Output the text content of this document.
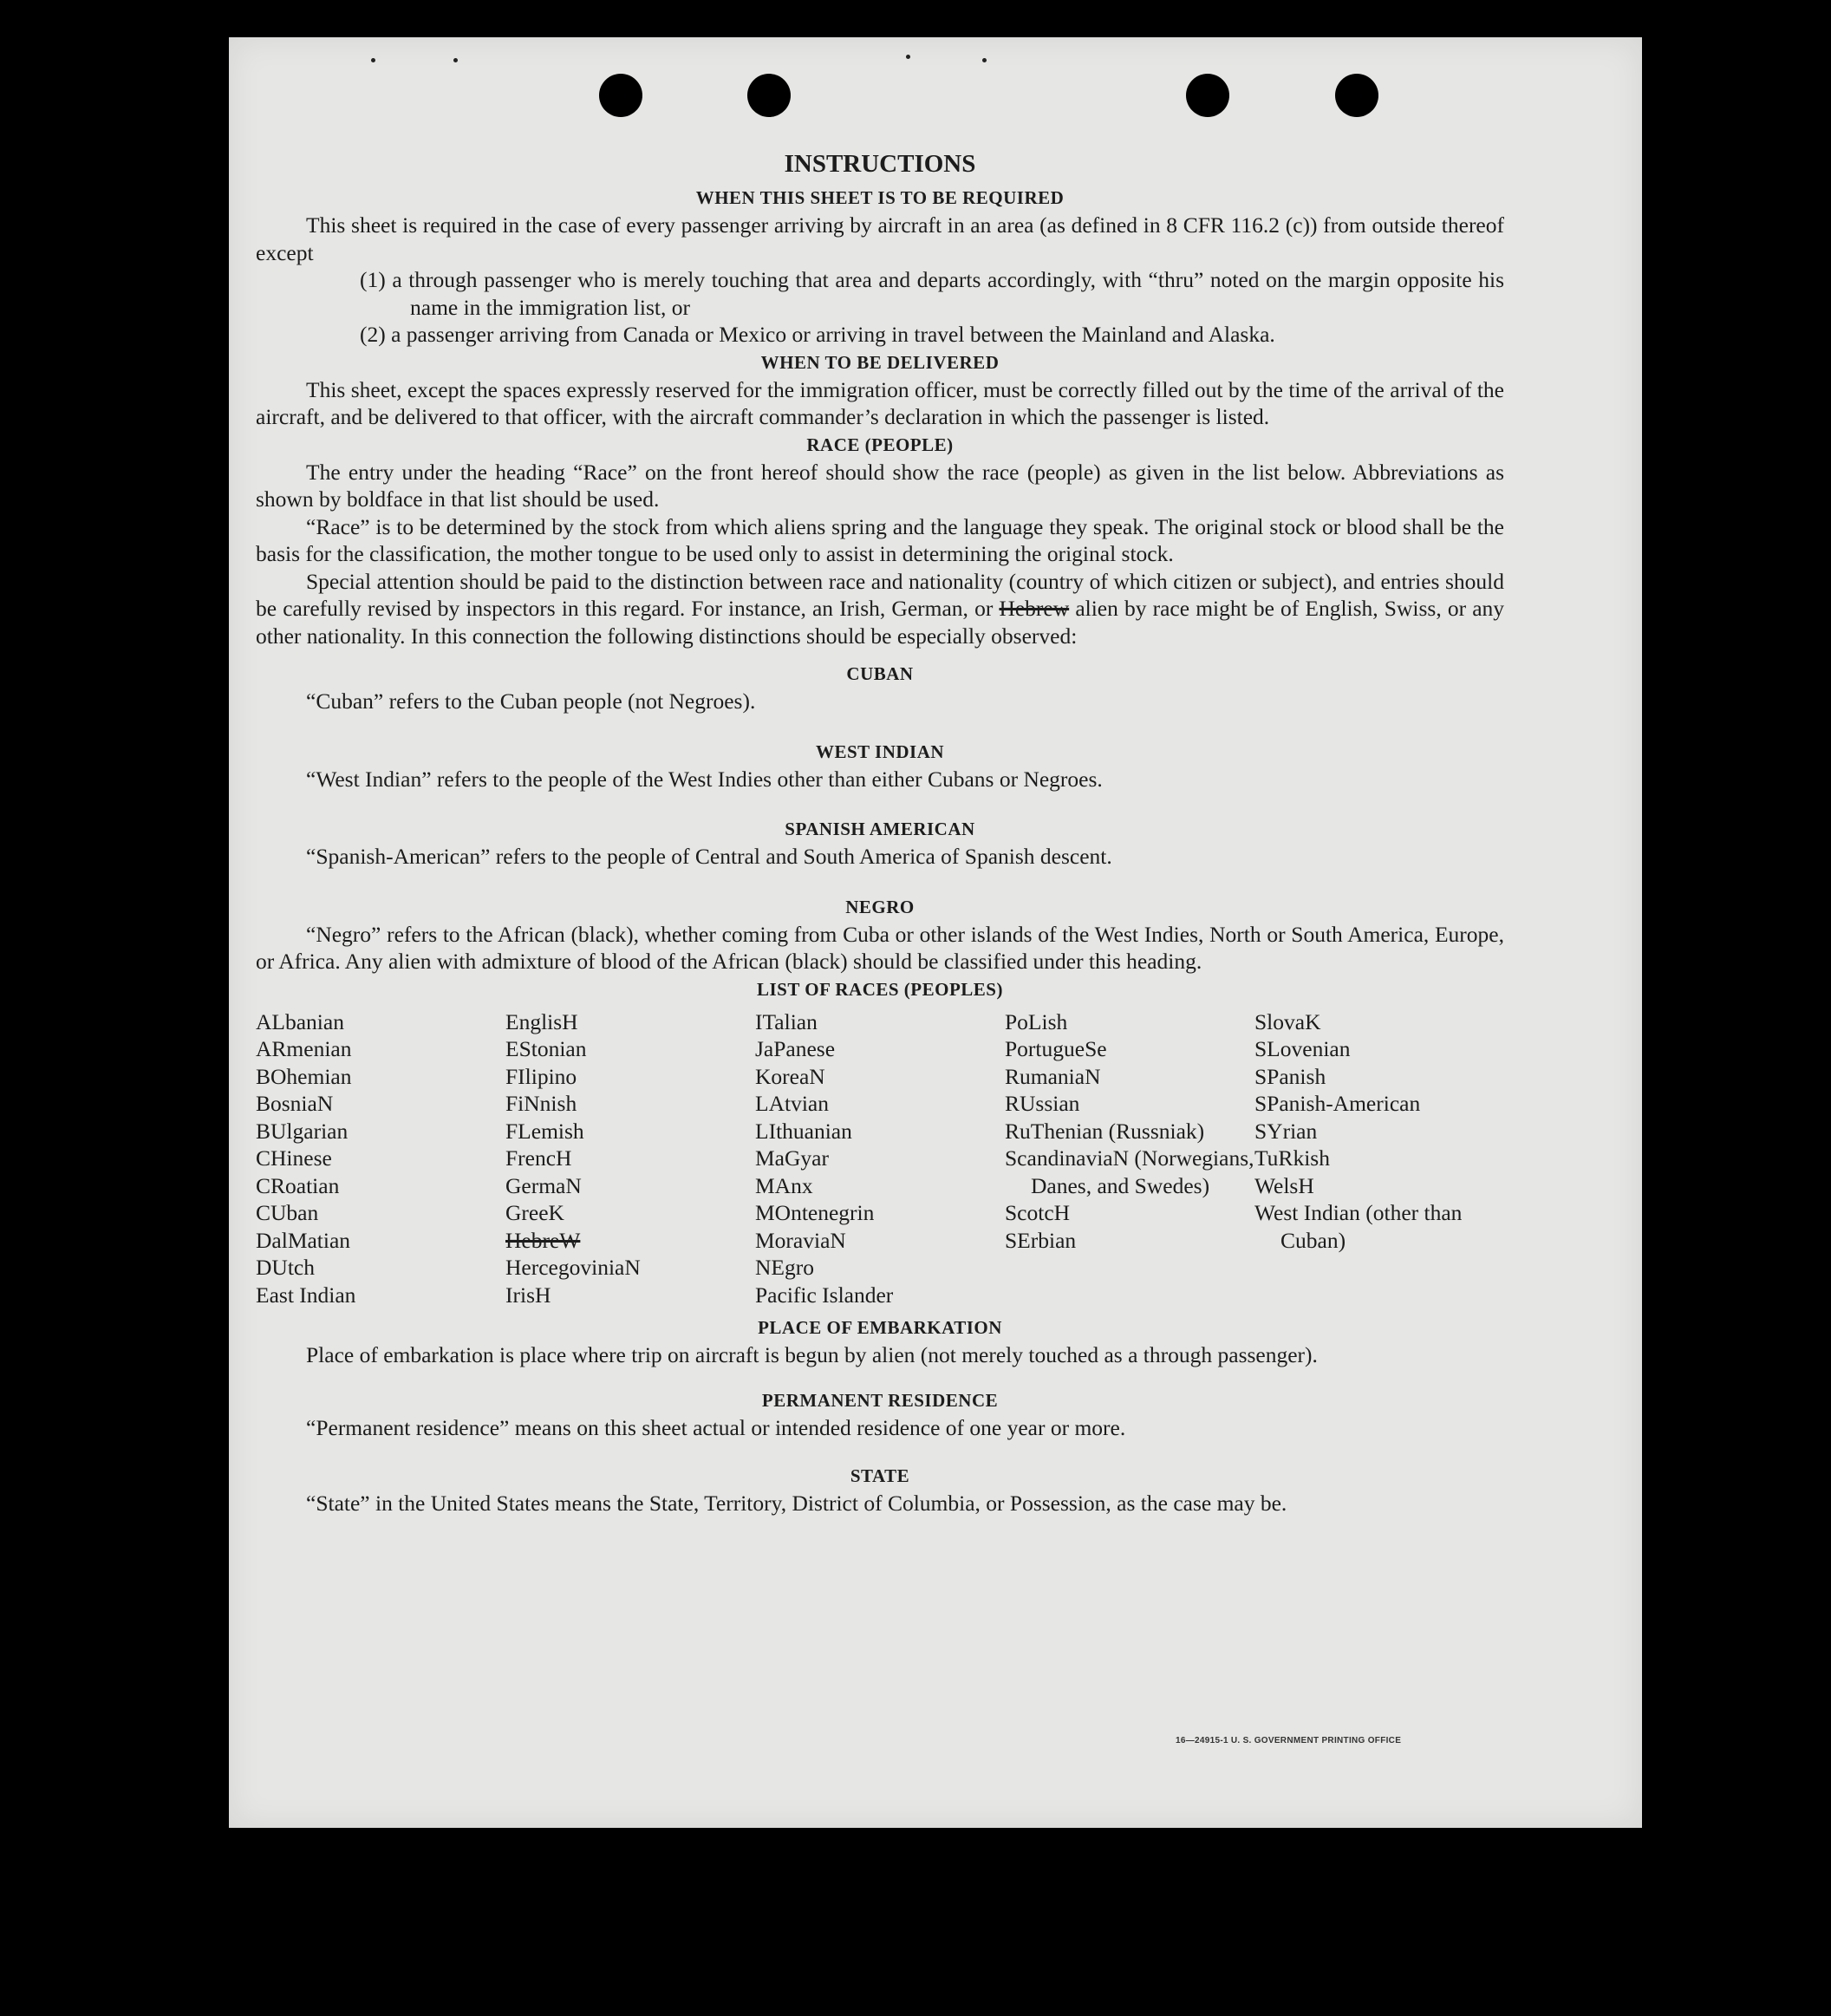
INSTRUCTIONS

WHEN THIS SHEET IS TO BE REQUIRED

This sheet is required in the case of every passenger arriving by aircraft in an area (as defined in 8 CFR 116.2 (c)) from outside thereof except

(1) a through passenger who is merely touching that area and departs accordingly, with “thru” noted on the margin opposite his name in the immigration list, or

(2) a passenger arriving from Canada or Mexico or arriving in travel between the Mainland and Alaska.

WHEN TO BE DELIVERED

This sheet, except the spaces expressly reserved for the immigration officer, must be correctly filled out by the time of the arrival of the aircraft, and be delivered to that officer, with the aircraft commander’s declaration in which the passenger is listed.

RACE (PEOPLE)

The entry under the heading “Race” on the front hereof should show the race (people) as given in the list below. Abbreviations as shown by boldface in that list should be used.

“Race” is to be determined by the stock from which aliens spring and the language they speak. The original stock or blood shall be the basis for the classification, the mother tongue to be used only to assist in determining the original stock.

Special attention should be paid to the distinction between race and nationality (country of which citizen or subject), and entries should be carefully revised by inspectors in this regard. For instance, an Irish, German, or Hebrew alien by race might be of English, Swiss, or any other nationality. In this connection the following distinctions should be especially observed:

CUBAN

“Cuban” refers to the Cuban people (not Negroes).

WEST INDIAN

“West Indian” refers to the people of the West Indies other than either Cubans or Negroes.

SPANISH AMERICAN

“Spanish-American” refers to the people of Central and South America of Spanish descent.

NEGRO

“Negro” refers to the African (black), whether coming from Cuba or other islands of the West Indies, North or South America, Europe, or Africa. Any alien with admixture of blood of the African (black) should be classified under this heading.

LIST OF RACES (PEOPLES)

ALbanian
ARmenian
BOhemian
BosniaN
BUlgarian
CHinese
CRoatian
CUban
DalMatian
DUtch
East Indian
EnglisH
EStonian
FIlipino
FiNnish
FLemish
FrencH
GermaN
GreeK
HebreW
HercegoviniaN
IrisH
ITalian
JaPanese
KoreaN
LAtvian
LIthuanian
MaGyar
MAnx
MOntenegrin
MoraviaN
NEgro
Pacific Islander
PoLish
PortugueSe
RumaniaN
RUssian
RuThenian (Russniak)
ScandinaviaN (Norwegians, Danes, and Swedes)
ScotcH
SErbian
SlovaK
SLovenian
SPanish
SPanish-American
SYrian
TuRkish
WelsH
West Indian (other than Cuban)

PLACE OF EMBARKATION

Place of embarkation is place where trip on aircraft is begun by alien (not merely touched as a through passenger).

PERMANENT RESIDENCE

“Permanent residence” means on this sheet actual or intended residence of one year or more.

STATE

“State” in the United States means the State, Territory, District of Columbia, or Possession, as the case may be.

16—24915-1 U. S. GOVERNMENT PRINTING OFFICE
